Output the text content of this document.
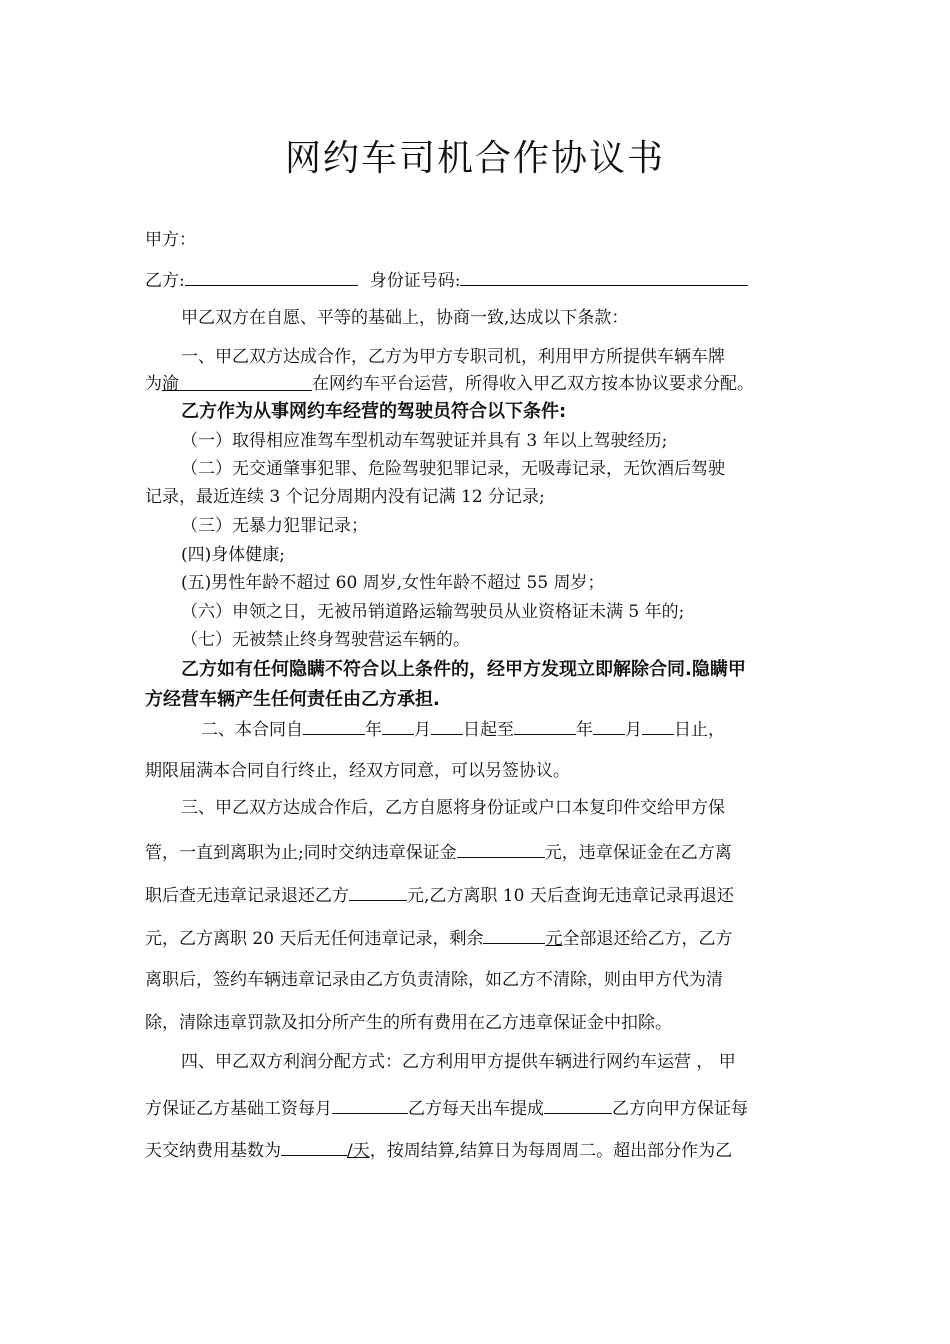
网约车司机合作协议书
甲方：
乙方:	身份证号码:
甲乙双方在自愿、平等的基础上，协商一致,达成以下条款：
一、甲乙双方达成合作，乙方为甲方专职司机，利用甲方所提供车辆车牌
为渝	在网约车平台运营，所得收入甲乙双方按本协议要求分配。
乙方作为从事网约车经营的驾驶员符合以下条件:
（一）取得相应准驾车型机动车驾驶证并具有 3 年以上驾驶经历;
（二）无交通肇事犯罪、危险驾驶犯罪记录，无吸毒记录，无饮酒后驾驶
记录，最近连续 3 个记分周期内没有记满 12 分记录;
（三）无暴力犯罪记录；
(四)身体健康;
(五)男性年龄不超过 60 周岁,女性年龄不超过 55 周岁；
（六）申领之日，无被吊销道路运输驾驶员从业资格证未满 5 年的;
（七）无被禁止终身驾驶营运车辆的。
乙方如有任何隐瞒不符合以上条件的，经甲方发现立即解除合同.隐瞒甲
方经营车辆产生任何责任由乙方承担.
二、本合同自	年 月 日起至	年 月 日止，
期限届满本合同自行终止，经双方同意，可以另签协议。
三、甲乙双方达成合作后，乙方自愿将身份证或户口本复印件交给甲方保
管，一直到离职为止;同时交纳违章保证金	元，违章保证金在乙方离
职后查无违章记录退还乙方	元,乙方离职 10 天后查询无违章记录再退还
元，乙方离职 20 天后无任何违章记录，剩余	元全部退还给乙方，乙方
离职后，签约车辆违章记录由乙方负责清除，如乙方不清除，则由甲方代为清
除，清除违章罚款及扣分所产生的所有费用在乙方违章保证金中扣除。
四、甲乙双方利润分配方式：乙方利用甲方提供车辆进行网约车运营 ， 甲
方保证乙方基础工资每月	乙方每天出车提成	乙方向甲方保证每
天交纳费用基数为	/天，按周结算,结算日为每周周二。超出部分作为乙
